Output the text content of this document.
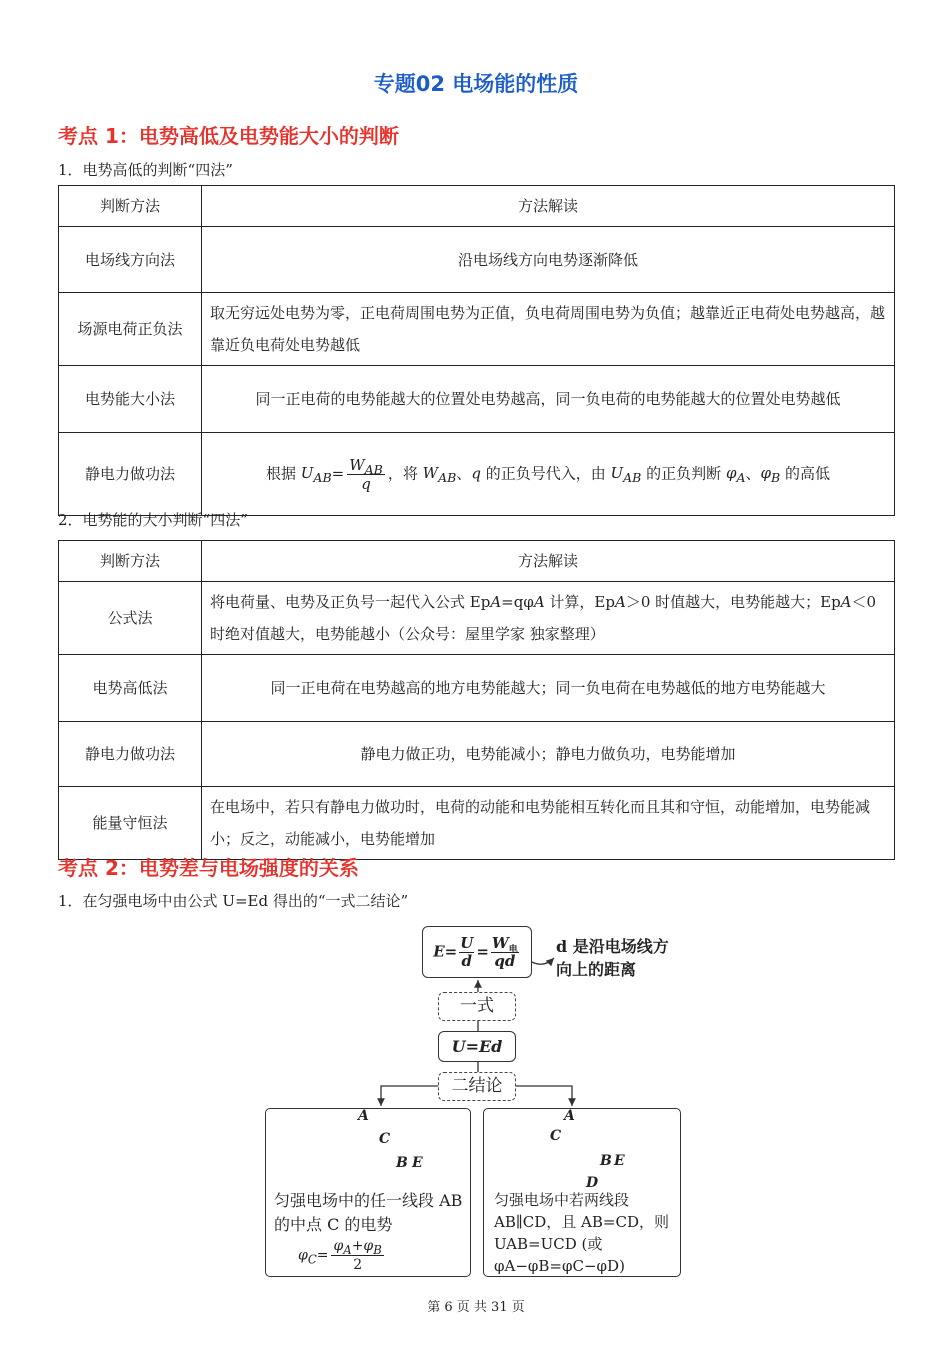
专题02 电场能的性质
考点 1：电势高低及电势能大小的判断
1．电势高低的判断“四法”
判断方法	方法解读
电场线方向法	沿电场线方向电势逐渐降低
场源电荷正负法	取无穷远处电势为零，正电荷周围电势为正值，负电荷周围电势为负值；越靠近正电荷处电势越高，越靠近负电荷处电势越低
电势能大小法	同一正电荷的电势能越大的位置处电势越高，同一负电荷的电势能越大的位置处电势越低
静电力做功法	根据 $U_{AB}= \frac{W_{AB}}{q}$ ，将 $W_{AB}$、q 的正负号代入，由 $U_{AB}$ 的正负判断 $\varphi_A$、$\varphi_B$ 的高低
2．电势能的大小判断“四法”
判断方法	方法解读
公式法	将电荷量、电势及正负号一起代入公式 Ep𝐴=qφ𝐴 计算，Ep𝐴＞0 时值越大，电势能越大；Ep𝐴＜0 时绝对值越大，电势能越小（公众号：屋里学家 独家整理）
电势高低法	同一正电荷在电势越高的地方电势能越大；同一负电荷在电势越低的地方电势能越大
静电力做功法	静电力做正功，电势能减小；静电力做负功，电势能增加
能量守恒法	在电场中，若只有静电力做功时，电荷的动能和电势能相互转化而且其和守恒，动能增加，电势能减小；反之，动能减小，电势能增加
考点 2：电势差与电场强度的关系
1．在匀强电场中由公式 U=Ed 得出的“一式二结论”
$E= \frac{U}{d} = \frac{W_电}{qd}$ d 是沿电场线方向上的距离
一式
U=Ed
二结论
匀强电场中的任一线段 AB 的中点 C 的电势
$\varphi_C= \frac{\varphi_A+\varphi_B}{2}$
匀强电场中若两线段 AB∥CD，且 AB=CD，则 UAB=UCD (或φA−φB=φC−φD)
A
C
B E
A
C
B E
D
第 6 页 共 31 页
